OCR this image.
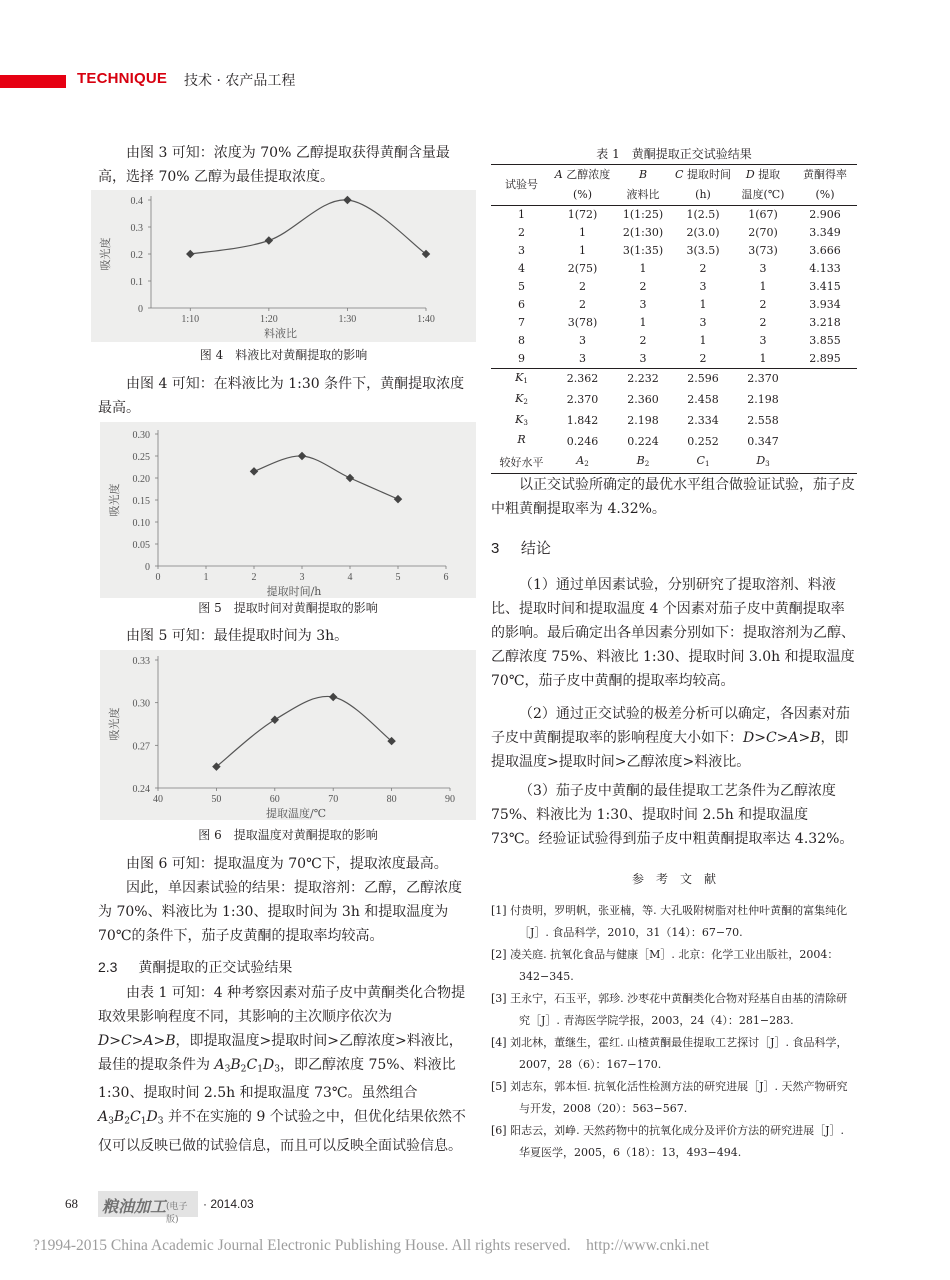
TECHNIQUE 技术 · 农产品工程

由图 3 可知：浓度为 70% 乙醇提取获得黄酮含量最高，选择 70% 乙醇为最佳提取浓度。

0
0.1
0.2
0.3
0.4
1:10	1:20	1:30	1:40
吸光度
料液比
图 4　料液比对黄酮提取的影响

由图 4 可知：在料液比为 1:30 条件下，黄酮提取浓度最高。

0
0.05
0.10
0.15
0.20
0.25
0.30
0	1	2	3	4	5	6
吸光度
提取时间/h
图 5　提取时间对黄酮提取的影响

由图 5 可知：最佳提取时间为 3h。

0.24
0.27
0.30
0.33
40	50	60	70	80	90
吸光度
提取温度/℃
图 6　提取温度对黄酮提取的影响

由图 6 可知：提取温度为 70℃下，提取浓度最高。

因此，单因素试验的结果：提取溶剂：乙醇，乙醇浓度为 70%、料液比为 1:30、提取时间为 3h 和提取温度为 70℃的条件下，茄子皮黄酮的提取率均较高。

2.3 黄酮提取的正交试验结果

由表 1 可知：4 种考察因素对茄子皮中黄酮类化合物提取效果影响程度不同，其影响的主次顺序依次为 D>C>A>B，即提取温度>提取时间>乙醇浓度>料液比，最佳的提取条件为 $A_3B_2C_1D_3$，即乙醇浓度 75%、料液比 1:30、提取时间 2.5h 和提取温度 73℃。虽然组合 $A_3B_2C_1D_3$ 并不在实施的 9 个试验之中，但优化结果依然不仅可以反映已做的试验信息，而且可以反映全面试验信息。

表 1　黄酮提取正交试验结果
试验号	A 乙醇浓度	B	C 提取时间	D 提取	黄酮得率
	(%)	液料比	(h)	温度(℃)	(%)
1	1(72)	1(1:25)	1(2.5)	1(67)	2.906
2	1	2(1:30)	2(3.0)	2(70)	3.349
3	1	3(1:35)	3(3.5)	3(73)	3.666
4	2(75)	1	2	3	4.133
5	2	2	3	1	3.415
6	2	3	1	2	3.934
7	3(78)	1	3	2	3.218
8	3	2	1	3	3.855
9	3	3	2	1	2.895
$K_1$	2.362	2.232	2.596	2.370	
$K_2$	2.370	2.360	2.458	2.198	
$K_3$	1.842	2.198	2.334	2.558	
R	0.246	0.224	0.252	0.347	
较好水平	$A_2$	$B_2$	$C_1$	$D_3$	

以正交试验所确定的最优水平组合做验证试验，茄子皮中粗黄酮提取率为 4.32%。

3 结论

（1）通过单因素试验，分别研究了提取溶剂、料液比、提取时间和提取温度 4 个因素对茄子皮中黄酮提取率的影响。最后确定出各单因素分别如下：提取溶剂为乙醇、乙醇浓度 75%、料液比 1:30、提取时间 3.0h 和提取温度 70℃，茄子皮中黄酮的提取率均较高。

（2）通过正交试验的极差分析可以确定，各因素对茄子皮中黄酮提取率的影响程度大小如下：D>C>A>B，即提取温度>提取时间>乙醇浓度>料液比。

（3）茄子皮中黄酮的最佳提取工艺条件为乙醇浓度 75%、料液比为 1:30、提取时间 2.5h 和提取温度 73℃。经验证试验得到茄子皮中粗黄酮提取率达 4.32%。

参　考　文　献

[1] 付贵明，罗明帆，张亚楠，等. 大孔吸附树脂对杜仲叶黄酮的富集纯化［J］. 食品科学，2010，31（14）：67−70.

[2] 凌关庭. 抗氧化食品与健康［M］. 北京：化学工业出版社，2004：342−345.

[3] 王永宁，石玉平，郭珍. 沙枣花中黄酮类化合物对羟基自由基的清除研究［J］. 青海医学院学报，2003，24（4）：281−283.

[4] 刘北林，董继生，霍红. 山楂黄酮最佳提取工艺探讨［J］. 食品科学，2007，28（6）：167−170.

[5] 刘志东，郭本恒. 抗氧化活性检测方法的研究进展［J］. 天然产物研究与开发，2008（20）：563−567.

[6] 阳志云，刘峥. 天然药物中的抗氧化成分及评价方法的研究进展［J］. 华夏医学，2005，6（18）：13，493−494.

68 粮油加工 (电子版)
· 2014.03
?1994-2015 China Academic Journal Electronic Publishing House. All rights reserved.　http://www.cnki.net
